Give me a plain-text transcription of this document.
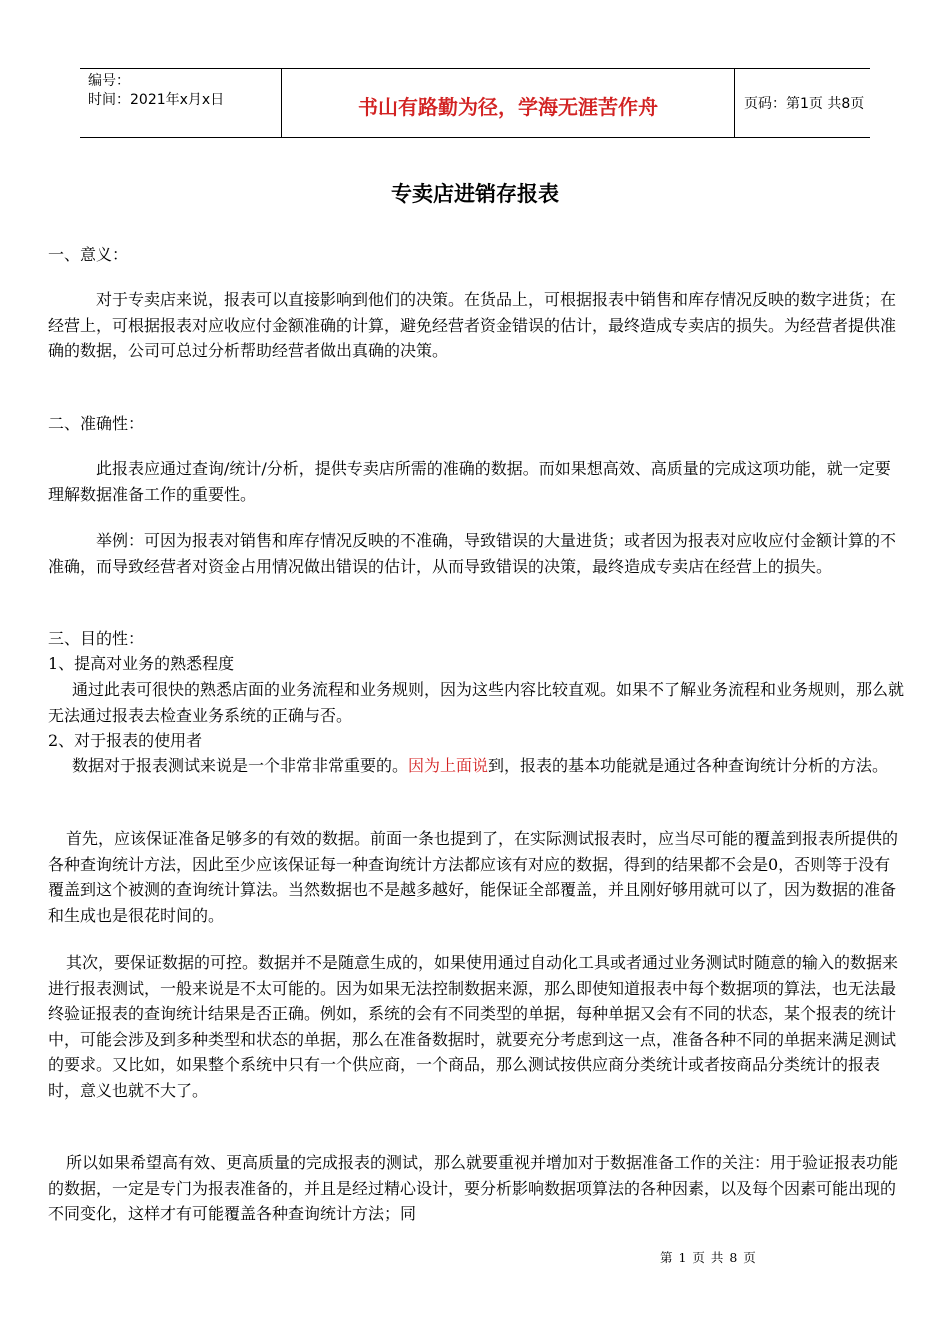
编号：
时间：2021年x月x日	书山有路勤为径，学海无涯苦作舟	页码：第1页 共8页
专卖店进销存报表
一、意义：
对于专卖店来说，报表可以直接影响到他们的决策。在货品上，可根据报表中销售和库存情况反映的数字进货；在经营上，可根据报表对应收应付金额准确的计算，避免经营者资金错误的估计，最终造成专卖店的损失。为经营者提供准确的数据，公司可总过分析帮助经营者做出真确的决策。
二、准确性：
此报表应通过查询/统计/分析，提供专卖店所需的准确的数据。而如果想高效、高质量的完成这项功能，就一定要理解数据准备工作的重要性。
举例：可因为报表对销售和库存情况反映的不准确，导致错误的大量进货；或者因为报表对应收应付金额计算的不准确，而导致经营者对资金占用情况做出错误的估计，从而导致错误的决策，最终造成专卖店在经营上的损失。
三、目的性：
1、提高对业务的熟悉程度
通过此表可很快的熟悉店面的业务流程和业务规则，因为这些内容比较直观。如果不了解业务流程和业务规则，那么就无法通过报表去检查业务系统的正确与否。
2、对于报表的使用者
数据对于报表测试来说是一个非常非常重要的。因为上面说到，报表的基本功能就是通过各种查询统计分析的方法。
首先，应该保证准备足够多的有效的数据。前面一条也提到了，在实际测试报表时，应当尽可能的覆盖到报表所提供的各种查询统计方法，因此至少应该保证每一种查询统计方法都应该有对应的数据，得到的结果都不会是0，否则等于没有覆盖到这个被测的查询统计算法。当然数据也不是越多越好，能保证全部覆盖，并且刚好够用就可以了，因为数据的准备和生成也是很花时间的。
其次，要保证数据的可控。数据并不是随意生成的，如果使用通过自动化工具或者通过业务测试时随意的输入的数据来进行报表测试，一般来说是不太可能的。因为如果无法控制数据来源，那么即使知道报表中每个数据项的算法，也无法最终验证报表的查询统计结果是否正确。例如，系统的会有不同类型的单据，每种单据又会有不同的状态，某个报表的统计中，可能会涉及到多种类型和状态的单据，那么在准备数据时，就要充分考虑到这一点，准备各种不同的单据来满足测试的要求。又比如，如果整个系统中只有一个供应商，一个商品，那么测试按供应商分类统计或者按商品分类统计的报表时，意义也就不大了。
所以如果希望高有效、更高质量的完成报表的测试，那么就要重视并增加对于数据准备工作的关注：用于验证报表功能的数据，一定是专门为报表准备的，并且是经过精心设计，要分析影响数据项算法的各种因素，以及每个因素可能出现的不同变化，这样才有可能覆盖各种查询统计方法；同
第 1 页 共 8 页
